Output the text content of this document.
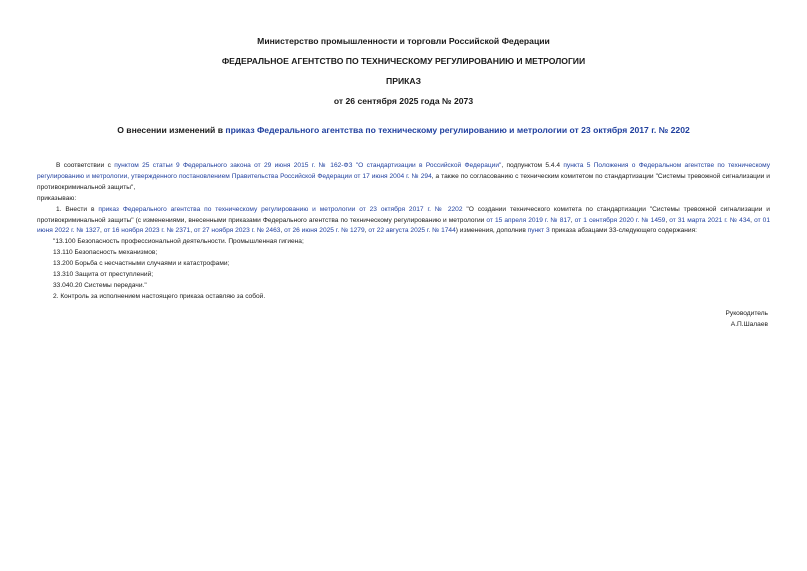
Министерство промышленности и торговли Российской Федерации
ФЕДЕРАЛЬНОЕ АГЕНТСТВО ПО ТЕХНИЧЕСКОМУ РЕГУЛИРОВАНИЮ И МЕТРОЛОГИИ
ПРИКАЗ
от 26 сентября 2025 года № 2073
О внесении изменений в приказ Федерального агентства по техническому регулированию и метрологии от 23 октября 2017 г. № 2202

В соответствии с пунктом 25 статьи 9 Федерального закона от 29 июня 2015 г. № 162-ФЗ "О стандартизации в Российской Федерации", подпунктом 5.4.4 пункта 5 Положения о Федеральном агентстве по техническому регулированию и метрологии, утвержденного постановлением Правительства Российской Федерации от 17 июня 2004 г. № 294, а также по согласованию с техническим комитетом по стандартизации "Системы тревожной сигнализации и противокриминальной защиты",

приказываю:

1. Внести в приказ Федерального агентства по техническому регулированию и метрологии от 23 октября 2017 г. № 2202 "О создании технического комитета по стандартизации "Системы тревожной сигнализации и противокриминальной защиты" (с изменениями, внесенными приказами Федерального агентства по техническому регулированию и метрологии от 15 апреля 2019 г. № 817, от 1 сентября 2020 г. № 1459, от 31 марта 2021 г. № 434, от 01 июня 2022 г. № 1327, от 16 ноября 2023 г. № 2371, от 27 ноября 2023 г. № 2463, от 26 июня 2025 г. № 1279, от 22 августа 2025 г. № 1744) изменения, дополнив пункт 3 приказа абзацами 33-следующего содержания:

"13.100 Безопасность профессиональной деятельности. Промышленная гигиена;

13.110 Безопасность механизмов;

13.200 Борьба с несчастными случаями и катастрофами;

13.310 Защита от преступлений;

33.040.20 Системы передачи."

2. Контроль за исполнением настоящего приказа оставляю за собой.

Руководитель
А.П.Шалаев
